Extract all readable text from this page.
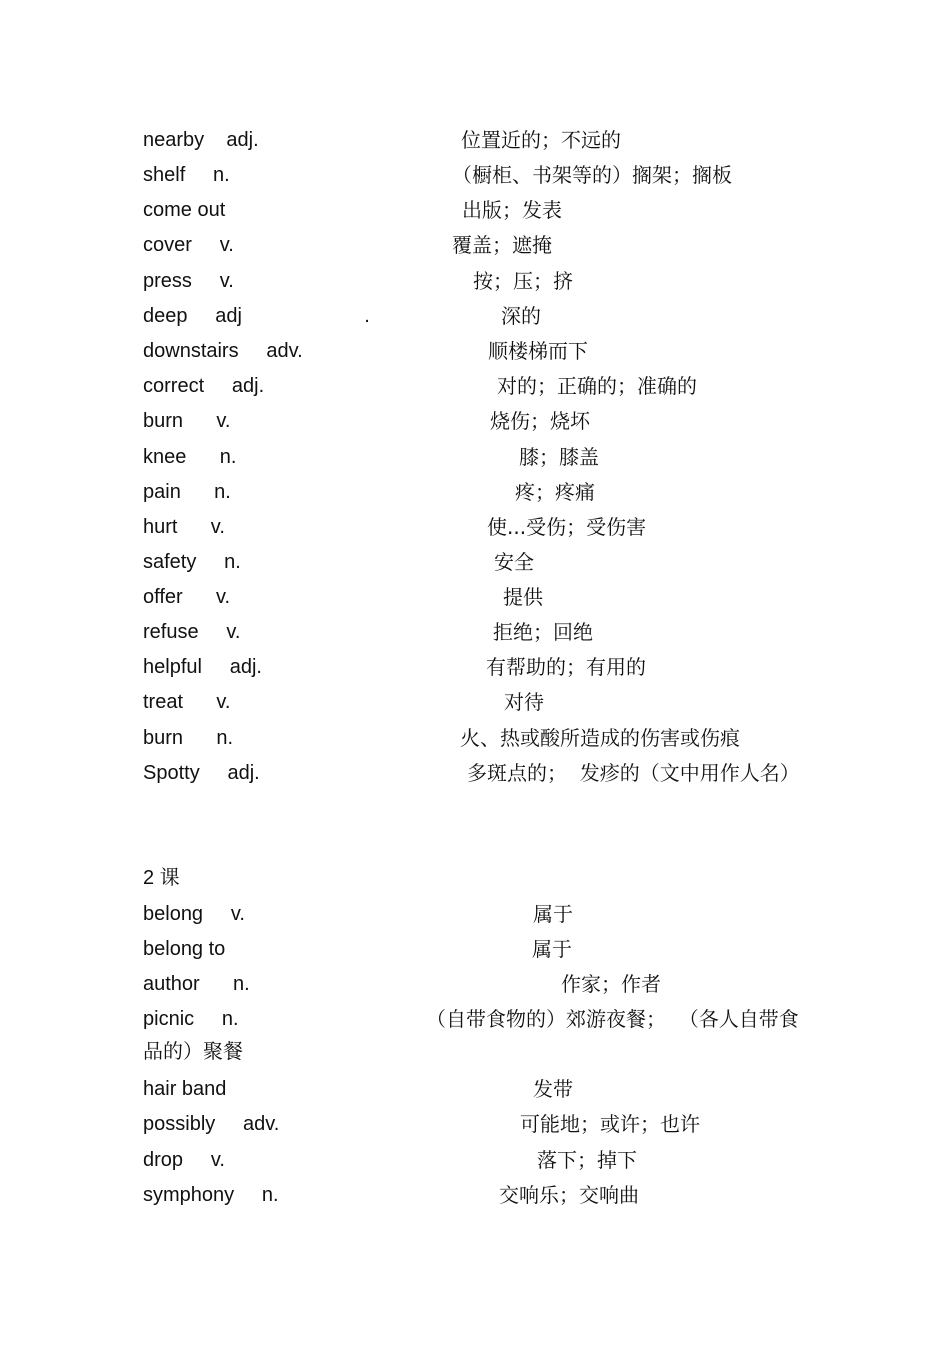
nearby    adj.	位置近的；不远的
shelf     n.	（橱柜、书架等的）搁架；搁板
come out	出版；发表
cover     v.	覆盖；遮掩
press     v.	按；压；挤
deep     adj                      .	深的
downstairs     adv.	顺楼梯而下
correct     adj.	对的；正确的；准确的
burn      v.	烧伤；烧坏
knee      n.	膝；膝盖
pain      n.	疼；疼痛
hurt      v.	使...受伤；受伤害
safety     n.	安全
offer      v.	提供
refuse     v.	拒绝；回绝
helpful     adj.	有帮助的；有用的
treat      v.	对待
burn      n.	火、热或酸所造成的伤害或伤痕
Spotty     adj.	多斑点的；  发疹的（文中用作人名）
2 课
belong     v.	属于
belong to	属于
author      n.	作家；作者
picnic     n.	（自带食物的）郊游夜餐；  （各人自带食
品的）聚餐
hair band	发带
possibly     adv.	可能地；或许；也许
drop     v.	落下；掉下
symphony     n.	交响乐；交响曲
